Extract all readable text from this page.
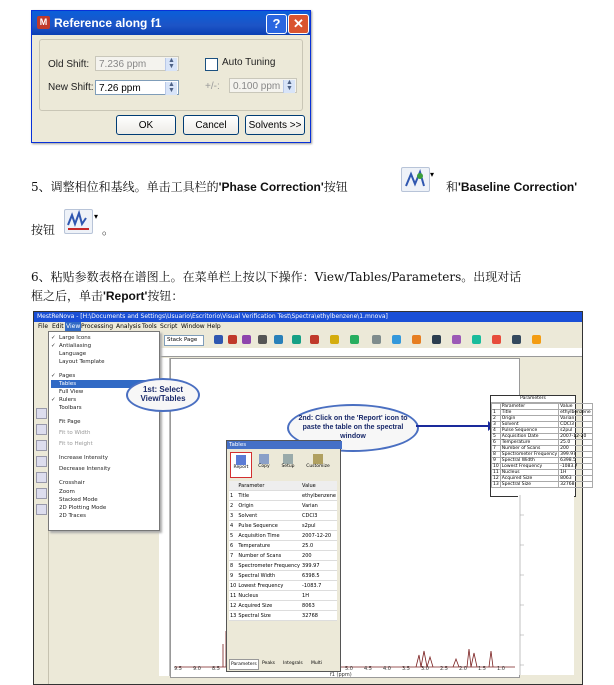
M Reference along f1	? ✕
Old Shift: 7.236 ppm	▲
▼
New Shift: 7.26 ppm	▲
▼
Auto Tuning
+/-:	0.100 ppm ▲
▼
OK	Cancel	Solvents >>
5、调整相位和基线。单击工具栏的'Phase Correction'按钮
▾
和'Baseline Correction'
按钮
▾
。
6、粘贴参数表格在谱图上。在菜单栏上按以下操作：View/Tables/Parameters。出现对话
框之后，单击'Report'按钮：
MestReNova - [H:\Documents and Settings\Usuario\Escritorio\Visual Verification Test\Spectra\ethylbenzene\1.mnova]
File Edit View Processing Analysis Tools Script Window Help
Stack Page
9.5 9.0 8.5	5.0 4.5 4.0 3.5 3.0 2.5 2.0 1.5 1.0
f1 (ppm)
✓ Large Icons
✓ Antialiasing
Language
Layout Template
✓ Pages
Tables
Full View
✓ Rulers
Toolbars
Fit Page
Fit to Width
Fit to Height
Increase Intensity
Decrease Intensity
Crosshair
Zoom
Stacked Mode
2D Plotting Mode
2D Traces
1st: Select View/Tables
2nd: Click on the 'Report' icon to paste the table on the spectral window
Tables
Report	Copy	Setup	Customize
	Parameter	Value
1	Title	ethylbenzene
2	Origin	Varian
3	Solvent	CDCl3
4	Pulse Sequence	s2pul
5	Acquisition Time	2007-12-20
6	Temperature	25.0
7	Number of Scans	200
8	Spectrometer Frequency	399.97
9	Spectral Width	6398.5
10	Lowest Frequency	-1083.7
11	Nucleus	1H
12	Acquired Size	8063
13	Spectral Size	32768
Parameters	Peaks Integrals Multi
Parameters
	Parameter	Value
1	Title	ethylbenzene
2	Origin	Varian
3	Solvent	CDCl3
4	Pulse Sequence	s2pul
5	Acquisition Date	2007-12-20
6	Temperature	25.0
7	Number of Scans	200
8	Spectrometer Frequency	399.97
9	Spectral Width	6398.5
10	Lowest Frequency	-1083.7
11	Nucleus	1H
12	Acquired Size	8063
13	Spectral Size	32768
